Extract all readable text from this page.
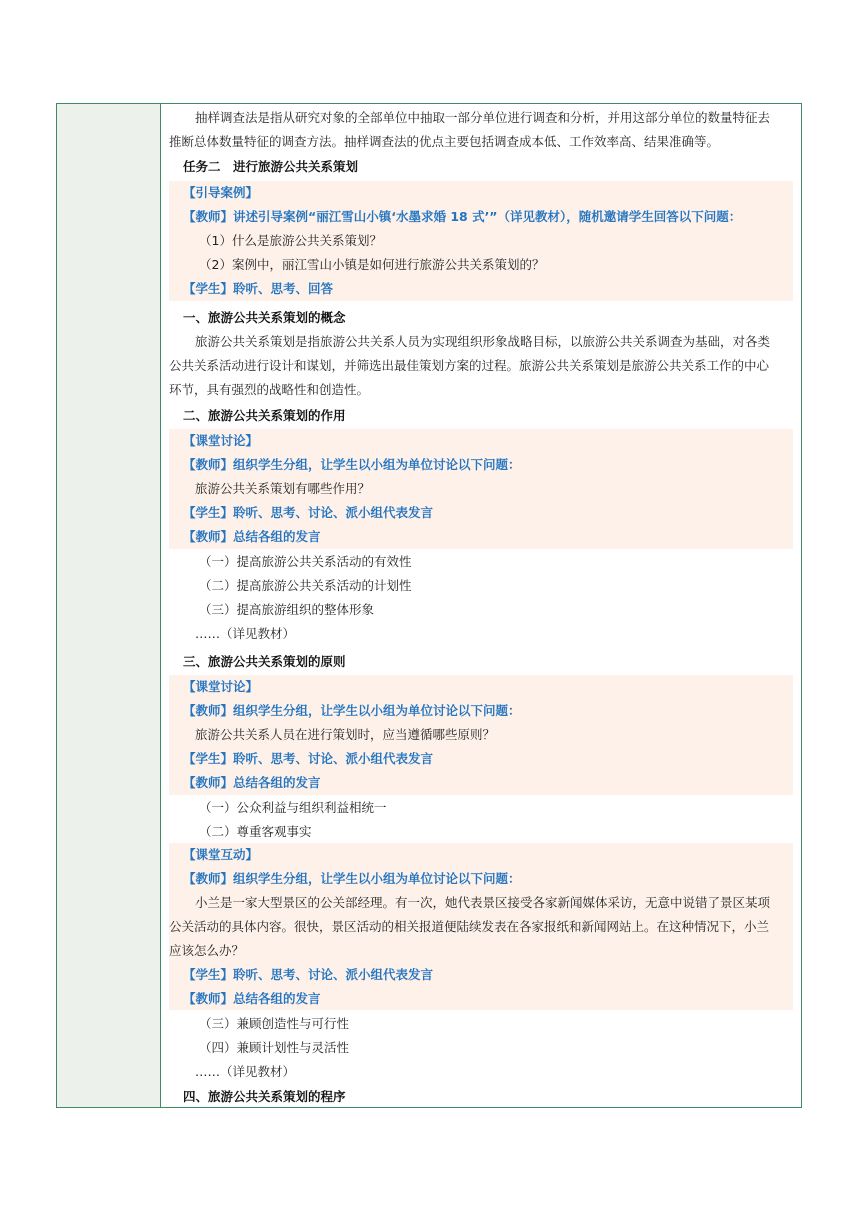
抽样调查法是指从研究对象的全部单位中抽取一部分单位进行调查和分析，并用这部分单位的数量特征去
推断总体数量特征的调查方法。抽样调查法的优点主要包括调查成本低、工作效率高、结果准确等。
任务二　进行旅游公共关系策划
【引导案例】
【教师】讲述引导案例“丽江雪山小镇‘水墨求婚 18 式’”（详见教材），随机邀请学生回答以下问题：
（1）什么是旅游公共关系策划？
（2）案例中，丽江雪山小镇是如何进行旅游公共关系策划的？
【学生】聆听、思考、回答
一、旅游公共关系策划的概念
旅游公共关系策划是指旅游公共关系人员为实现组织形象战略目标，以旅游公共关系调查为基础，对各类
公共关系活动进行设计和谋划，并筛选出最佳策划方案的过程。旅游公共关系策划是旅游公共关系工作的中心
环节，具有强烈的战略性和创造性。
二、旅游公共关系策划的作用
【课堂讨论】
【教师】组织学生分组，让学生以小组为单位讨论以下问题：
旅游公共关系策划有哪些作用？
【学生】聆听、思考、讨论、派小组代表发言
【教师】总结各组的发言
（一）提高旅游公共关系活动的有效性
（二）提高旅游公共关系活动的计划性
（三）提高旅游组织的整体形象
……（详见教材）
三、旅游公共关系策划的原则
【课堂讨论】
【教师】组织学生分组，让学生以小组为单位讨论以下问题：
旅游公共关系人员在进行策划时，应当遵循哪些原则？
【学生】聆听、思考、讨论、派小组代表发言
【教师】总结各组的发言
（一）公众利益与组织利益相统一
（二）尊重客观事实
【课堂互动】
【教师】组织学生分组，让学生以小组为单位讨论以下问题：
小兰是一家大型景区的公关部经理。有一次，她代表景区接受各家新闻媒体采访，无意中说错了景区某项
公关活动的具体内容。很快，景区活动的相关报道便陆续发表在各家报纸和新闻网站上。在这种情况下，小兰
应该怎么办？
【学生】聆听、思考、讨论、派小组代表发言
【教师】总结各组的发言
（三）兼顾创造性与可行性
（四）兼顾计划性与灵活性
……（详见教材）
四、旅游公共关系策划的程序
